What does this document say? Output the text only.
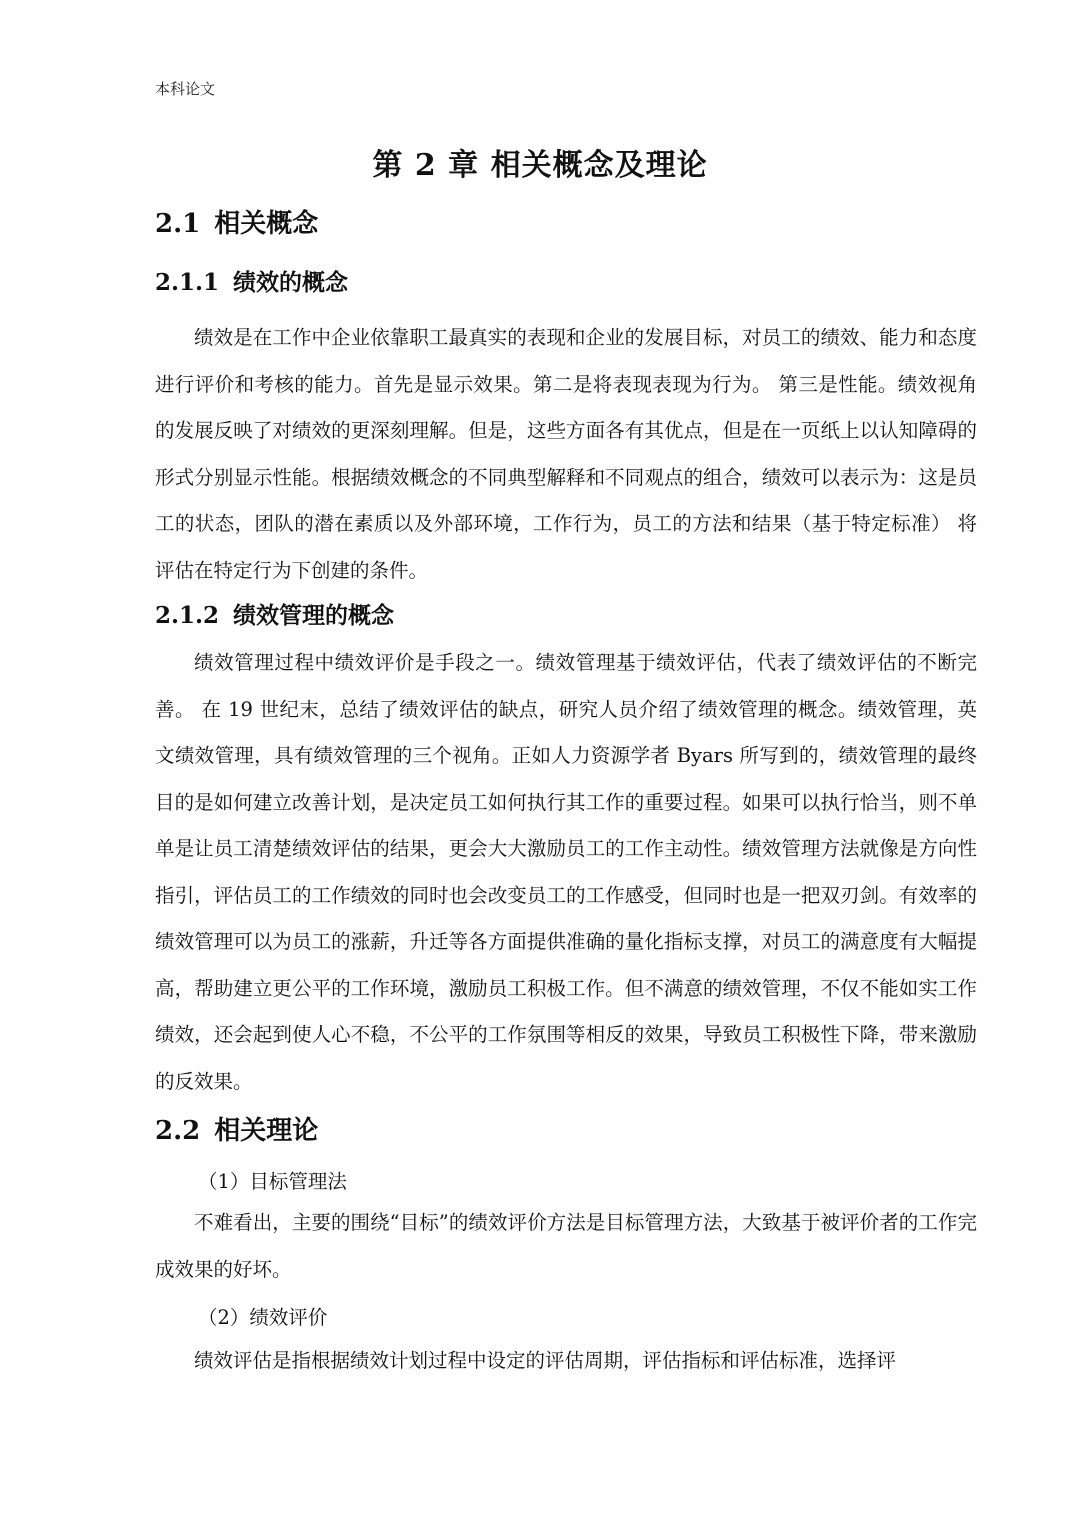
本科论文
第 2 章 相关概念及理论
2.1 相关概念
2.1.1 绩效的概念
绩效是在工作中企业依靠职工最真实的表现和企业的发展目标，对员工的绩效、能力和态度进行评价和考核的能力。首先是显示效果。第二是将表现表现为行为。 第三是性能。绩效视角的发展反映了对绩效的更深刻理解。但是，这些方面各有其优点，但是在一页纸上以认知障碍的形式分别显示性能。根据绩效概念的不同典型解释和不同观点的组合，绩效可以表示为：这是员工的状态，团队的潜在素质以及外部环境，工作行为，员工的方法和结果（基于特定标准） 将评估在特定行为下创建的条件。
2.1.2 绩效管理的概念
绩效管理过程中绩效评价是手段之一。绩效管理基于绩效评估，代表了绩效评估的不断完善。 在 19 世纪末，总结了绩效评估的缺点，研究人员介绍了绩效管理的概念。绩效管理，英文绩效管理，具有绩效管理的三个视角。正如人力资源学者 Byars 所写到的，绩效管理的最终目的是如何建立改善计划，是决定员工如何执行其工作的重要过程。如果可以执行恰当，则不单单是让员工清楚绩效评估的结果，更会大大激励员工的工作主动性。绩效管理方法就像是方向性指引，评估员工的工作绩效的同时也会改变员工的工作感受，但同时也是一把双刃剑。有效率的绩效管理可以为员工的涨薪，升迁等各方面提供准确的量化指标支撑，对员工的满意度有大幅提高，帮助建立更公平的工作环境，激励员工积极工作。但不满意的绩效管理，不仅不能如实工作绩效，还会起到使人心不稳，不公平的工作氛围等相反的效果，导致员工积极性下降，带来激励的反效果。
2.2 相关理论
（1）目标管理法
不难看出，主要的围绕“目标”的绩效评价方法是目标管理方法，大致基于被评价者的工作完成效果的好坏。
（2）绩效评价
绩效评估是指根据绩效计划过程中设定的评估周期，评估指标和评估标准，选择评
